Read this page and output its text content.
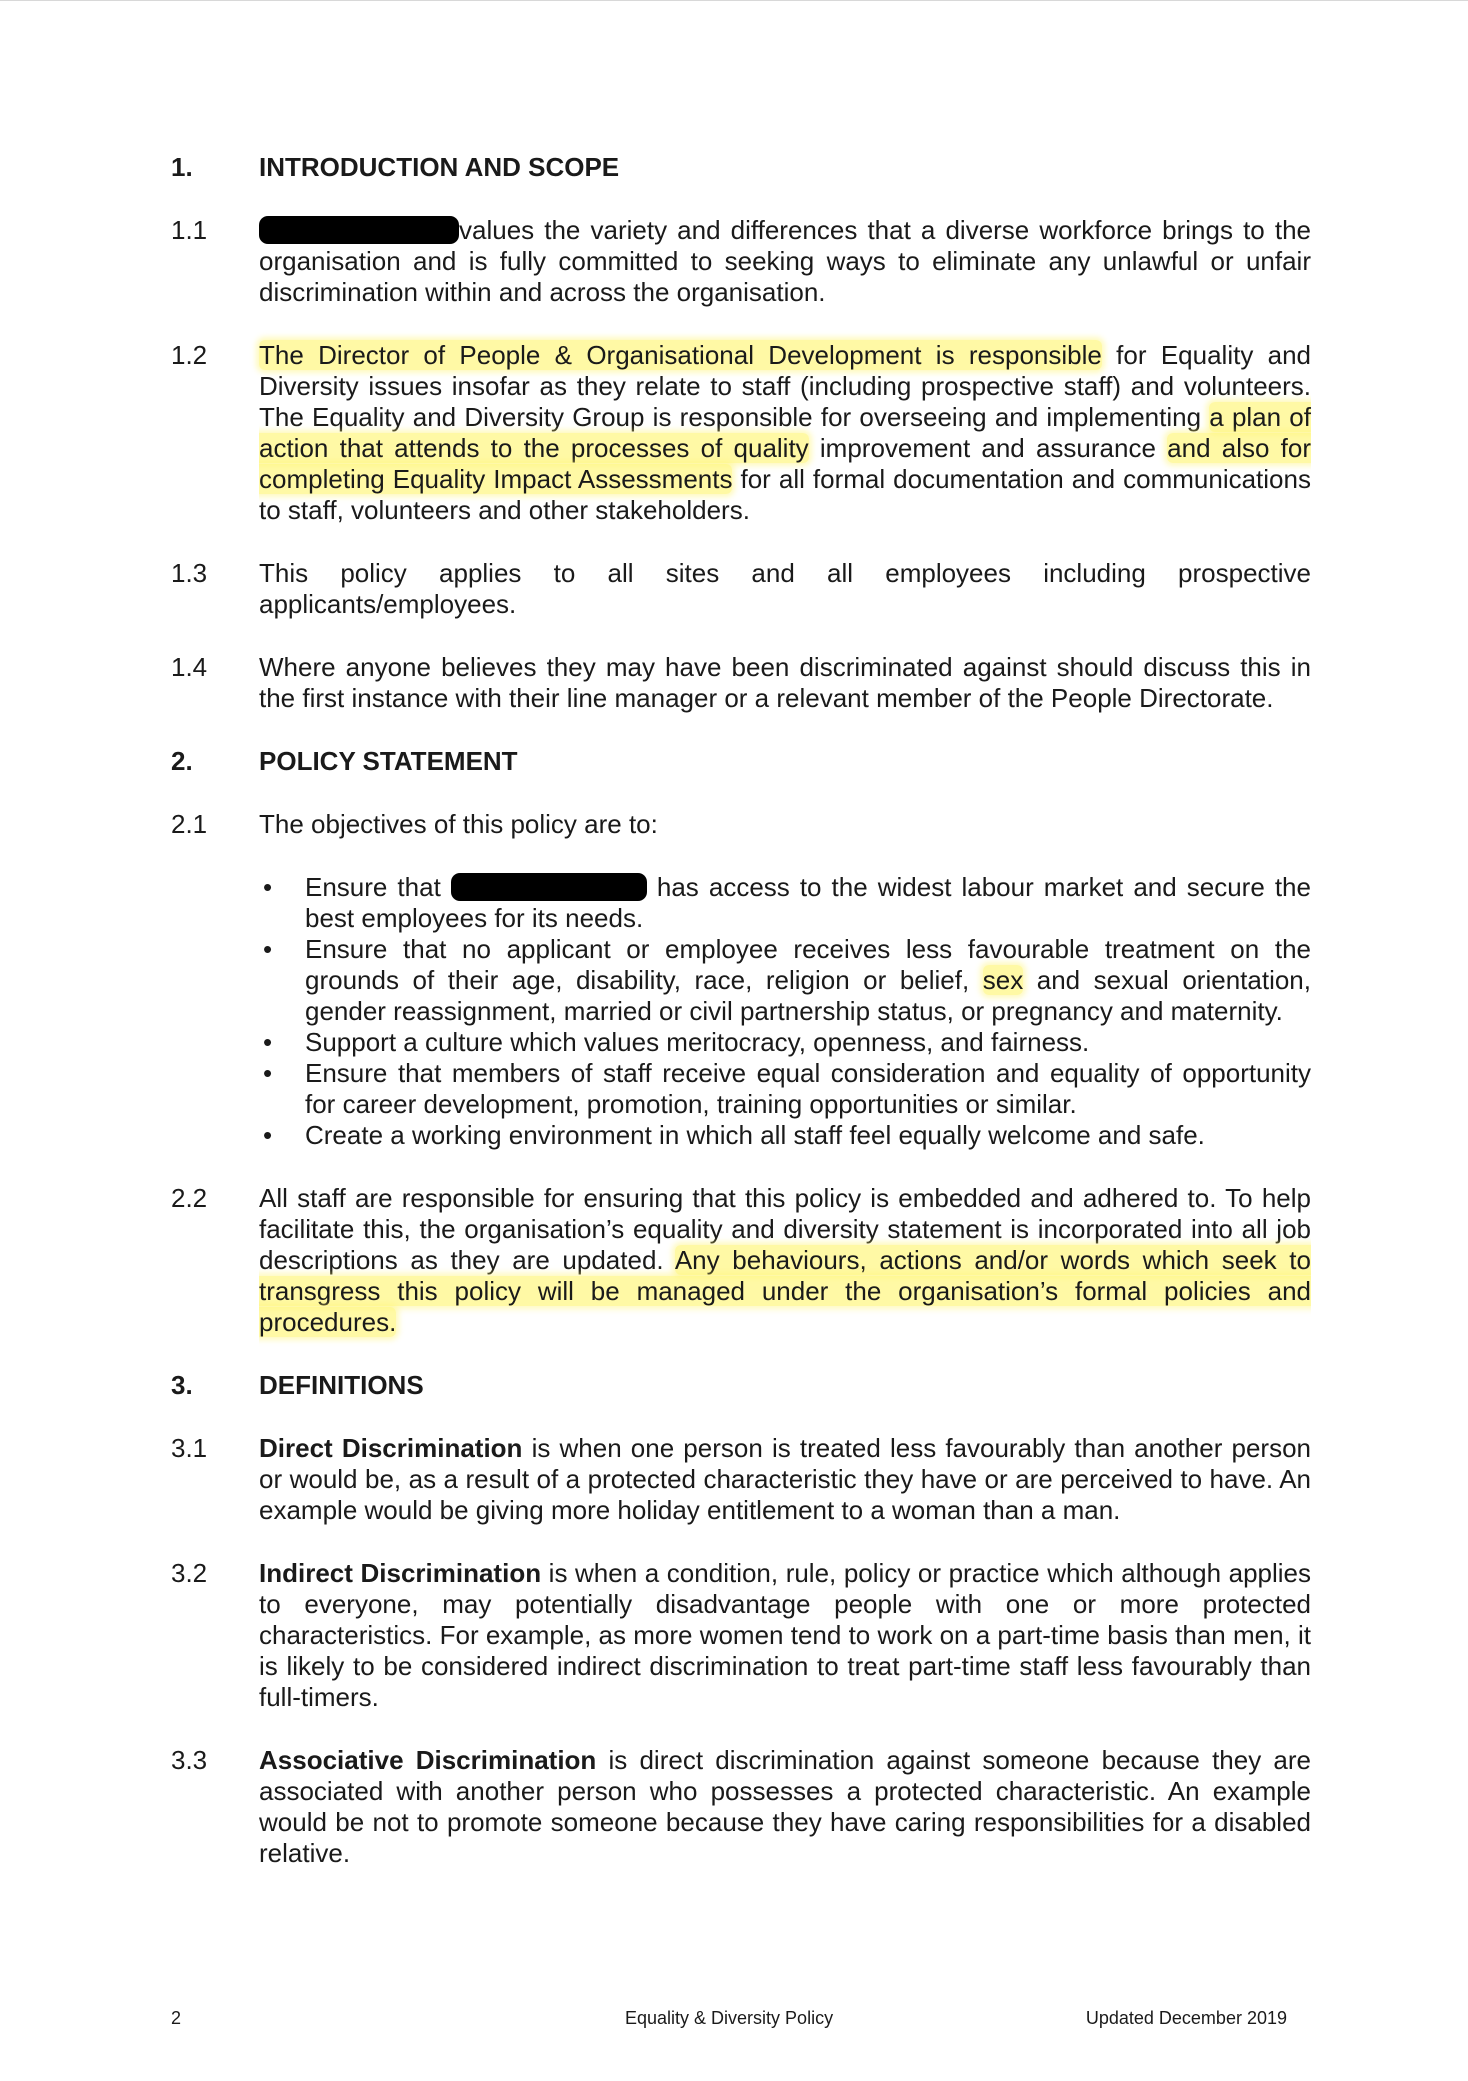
1.	INTRODUCTION AND SCOPE
1.1	values the variety and differences that a diverse workforce brings to the organisation and is fully committed to seeking ways to eliminate any unlawful or unfair discrimination within and across the organisation.
1.2	The Director of People & Organisational Development is responsible for Equality and Diversity issues insofar as they relate to staff (including prospective staff) and volunteers. The Equality and Diversity Group is responsible for overseeing and implementing a plan of action that attends to the processes of quality improvement and assurance and also for completing Equality Impact Assessments for all formal documentation and communications to staff, volunteers and other stakeholders.
1.3	This policy applies to all sites and all employees including prospective applicants/employees.
1.4	Where anyone believes they may have been discriminated against should discuss this in the first instance with their line manager or a relevant member of the People Directorate.
2.	POLICY STATEMENT
2.1	The objectives of this policy are to:
• Ensure that	has access to the widest labour market and secure the best employees for its needs.
• Ensure that no applicant or employee receives less favourable treatment on the grounds of their age, disability, race, religion or belief, sex and sexual orientation, gender reassignment, married or civil partnership status, or pregnancy and maternity.
• Support a culture which values meritocracy, openness, and fairness.
• Ensure that members of staff receive equal consideration and equality of opportunity for career development, promotion, training opportunities or similar.
• Create a working environment in which all staff feel equally welcome and safe.
2.2	All staff are responsible for ensuring that this policy is embedded and adhered to. To help facilitate this, the organisation’s equality and diversity statement is incorporated into all job descriptions as they are updated. Any behaviours, actions and/or words which seek to transgress this policy will be managed under the organisation’s formal policies and procedures.
3.	DEFINITIONS
3.1	Direct Discrimination is when one person is treated less favourably than another person or would be, as a result of a protected characteristic they have or are perceived to have. An example would be giving more holiday entitlement to a woman than a man.
3.2	Indirect Discrimination is when a condition, rule, policy or practice which although applies to everyone, may potentially disadvantage people with one or more protected characteristics. For example, as more women tend to work on a part-time basis than men, it is likely to be considered indirect discrimination to treat part-time staff less favourably than full-timers.
3.3	Associative Discrimination is direct discrimination against someone because they are associated with another person who possesses a protected characteristic. An example would be not to promote someone because they have caring responsibilities for a disabled relative.
2	Equality & Diversity Policy	Updated December 2019
